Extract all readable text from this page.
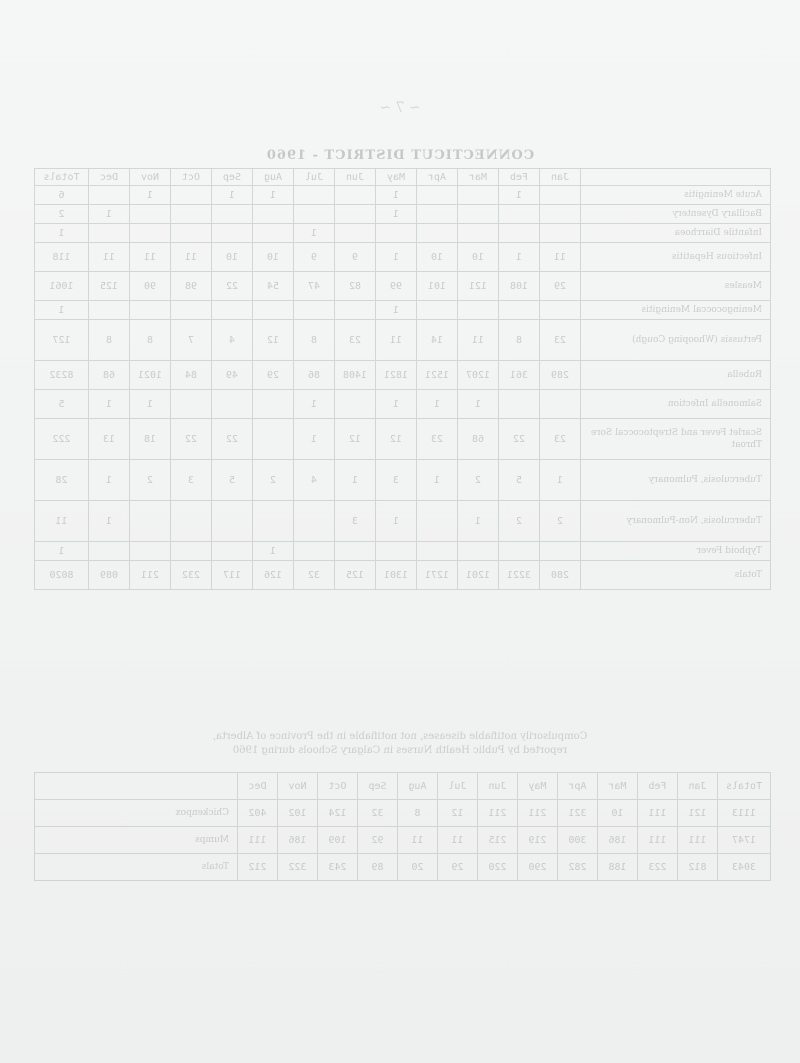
~ 7 ~
CONNECTICUT DISTRICT - 1960
	Jan	Feb	Mar	Apr	May	Jun	Jul	Aug	Sep	Oct	Nov	Dec	Totals
Acute Meningitis		1			1			1	1		1		6
Bacillary Dysentery					1							1	2
Infantile Diarrhoea							1						1
Infectious Hepatitis	11	1	10	10	1	9	9	10	10	11	11	11	118
Measles	29	108	121	101	99	82	47	54	22	98	90	125	1061
Meningococcal Meningitis					1								1
Pertussis (Whooping Cough)	23	8	11	14	11	23	8	12	4	7	8	8	127
Rubella	289	361	1207	1521	1821	1408	86	29	49	84	1021	68	8232
Salmonella Infection			1	1	1		1				1	1	5
Scarlet Fever and Streptococcal Sore Throat	23	22	68	23	12	12	1		22	22	18	13	222
Tuberculosis, Pulmonary	1	5	2	1	3	1	4	2	5	3	2	1	28
Tuberculosis, Non-Pulmonary	2	2	1		1	3						1	11
Typhoid Fever								1					1
Totals	280	3221	1201	1271	1301	125	32	126	117	232	211	089	8020
Compulsorily notifiable diseases, not notifiable in the Province of Alberta,
reported by Public Health Nurses in Calgary Schools during 1960
Totals	Jan	Feb	Mar	Apr	May	Jun	Jul	Aug	Sep	Oct	Nov	Dec	
1113	121	111	10	321	211	211	12	8	32	124	102	402	Chickenpox
1747	111	111	186	300	219	215	11	11	92	109	186	111	Mumps
3043	812	223	188	282	290	220	29	20	89	243	322	212	Totals
